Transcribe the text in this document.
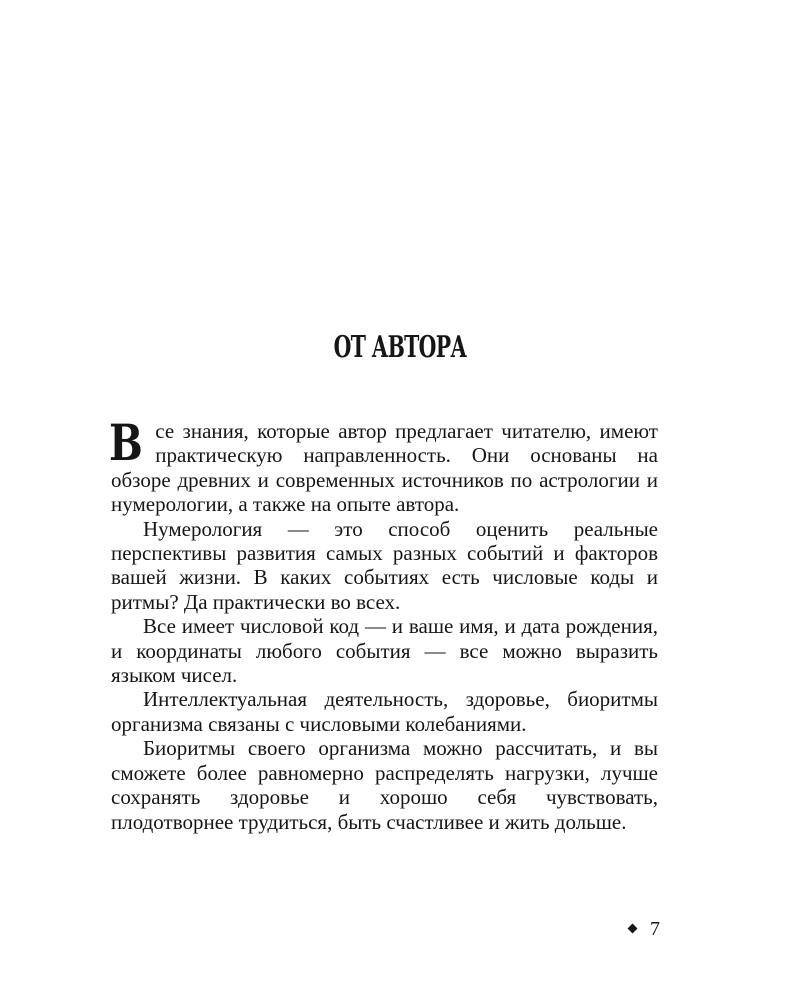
ОТ АВТОРА

Все знания, которые автор предлагает читателю, имеют практическую направленность. Они основаны на обзоре древних и современных источников по астрологии и нумерологии, а также на опыте автора.

Нумерология — это способ оценить реальные перспективы развития самых разных событий и факторов вашей жизни. В каких событиях есть числовые коды и ритмы? Да практически во всех.

Все имеет числовой код — и ваше имя, и дата рождения, и координаты любого события — все можно выразить языком чисел.

Интеллектуальная деятельность, здоровье, биоритмы организма связаны с числовыми колебаниями.

Биоритмы своего организма можно рассчитать, и вы сможете более равномерно распределять нагрузки, лучше сохранять здоровье и хорошо себя чувствовать, плодотворнее трудиться, быть счастливее и жить дольше.

7
